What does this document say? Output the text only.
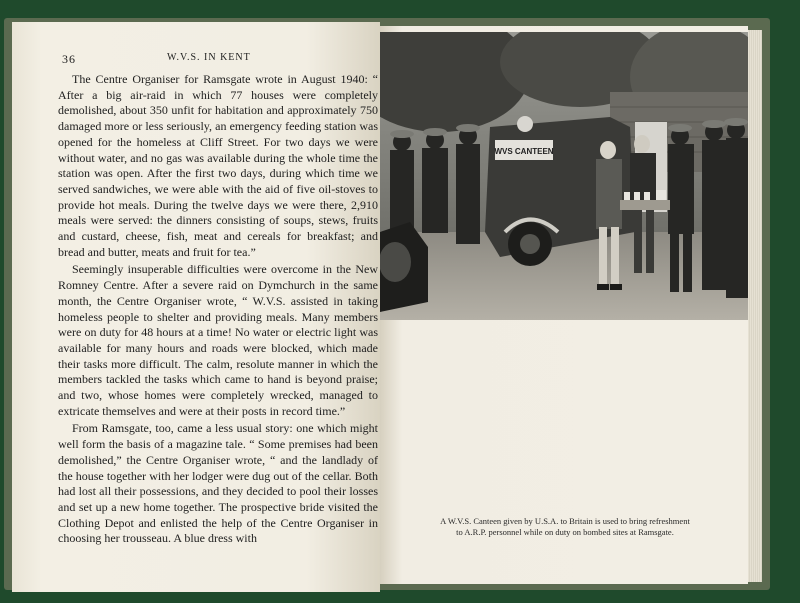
36	W.V.S. IN KENT

The Centre Organiser for Ramsgate wrote in August 1940: “ After a big air-raid in which 77 houses were completely demolished, about 350 unfit for habitation and approximately 750 damaged more or less seriously, an emergency feeding station was opened for the homeless at Cliff Street. For two days we were without water, and no gas was available during the whole time the station was open. After the first two days, during which time we served sandwiches, we were able with the aid of five oil-stoves to provide hot meals. During the twelve days we were there, 2,910 meals were served: the dinners consisting of soups, stews, fruits and custard, cheese, fish, meat and cereals for breakfast; and bread and butter, meats and fruit for tea.”

Seemingly insuperable difficulties were overcome in the New Romney Centre. After a severe raid on Dymchurch in the same month, the Centre Organiser wrote, “ W.V.S. assisted in taking homeless people to shelter and providing meals. Many members were on duty for 48 hours at a time! No water or electric light was available for many hours and roads were blocked, which made their tasks more difficult. The calm, resolute manner in which the members tackled the tasks which came to hand is beyond praise; and two, whose homes were completely wrecked, managed to extricate themselves and were at their posts in record time.”

From Ramsgate, too, came a less usual story: one which might well form the basis of a magazine tale. “ Some premises had been demolished,” the Centre Organiser wrote, “ and the landlady of the house together with her lodger were dug out of the cellar. Both had lost all their possessions, and they decided to pool their losses and set up a new home together. The prospective bride visited the Clothing Depot and enlisted the help of the Centre Organiser in choosing her trousseau. A blue dress with

WVS CANTEEN
A W.V.S. Canteen given by U.S.A. to Britain is used to bring refreshment
to A.R.P. personnel while on duty on bombed sites at Ramsgate.
